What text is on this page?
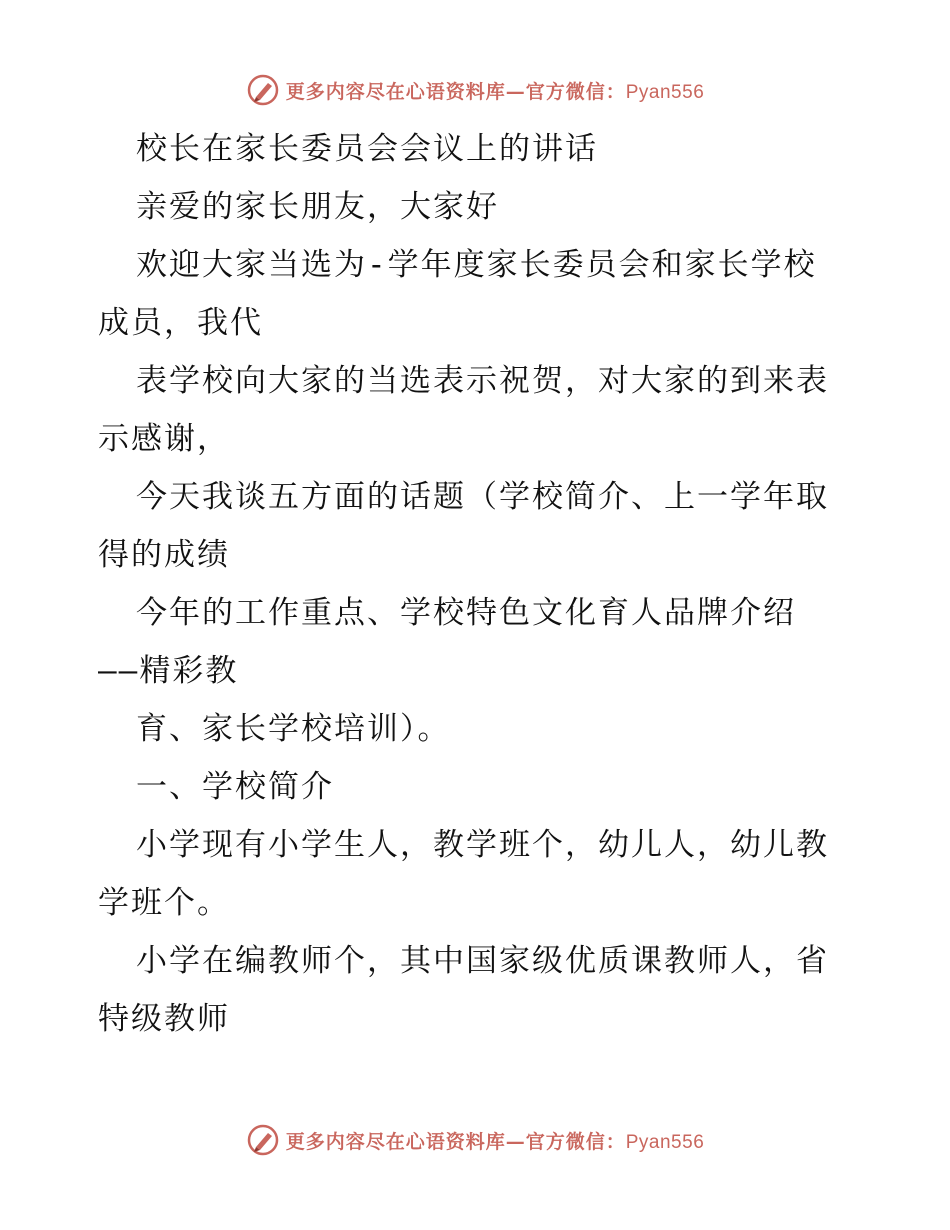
更多内容尽在心语资料库—官方微信：Pyan556
校长在家长委员会会议上的讲话
亲爱的家长朋友，大家好
欢迎大家当选为-学年度家长委员会和家长学校
成员，我代
表学校向大家的当选表示祝贺，对大家的到来表
示感谢，
今天我谈五方面的话题（学校简介、上一学年取
得的成绩
今年的工作重点、学校特色文化育人品牌介绍
——精彩教
育、家长学校培训）。
一、学校简介
小学现有小学生人，教学班个，幼儿人，幼儿教
学班个。
小学在编教师个，其中国家级优质课教师人，省
特级教师
更多内容尽在心语资料库—官方微信：Pyan556
